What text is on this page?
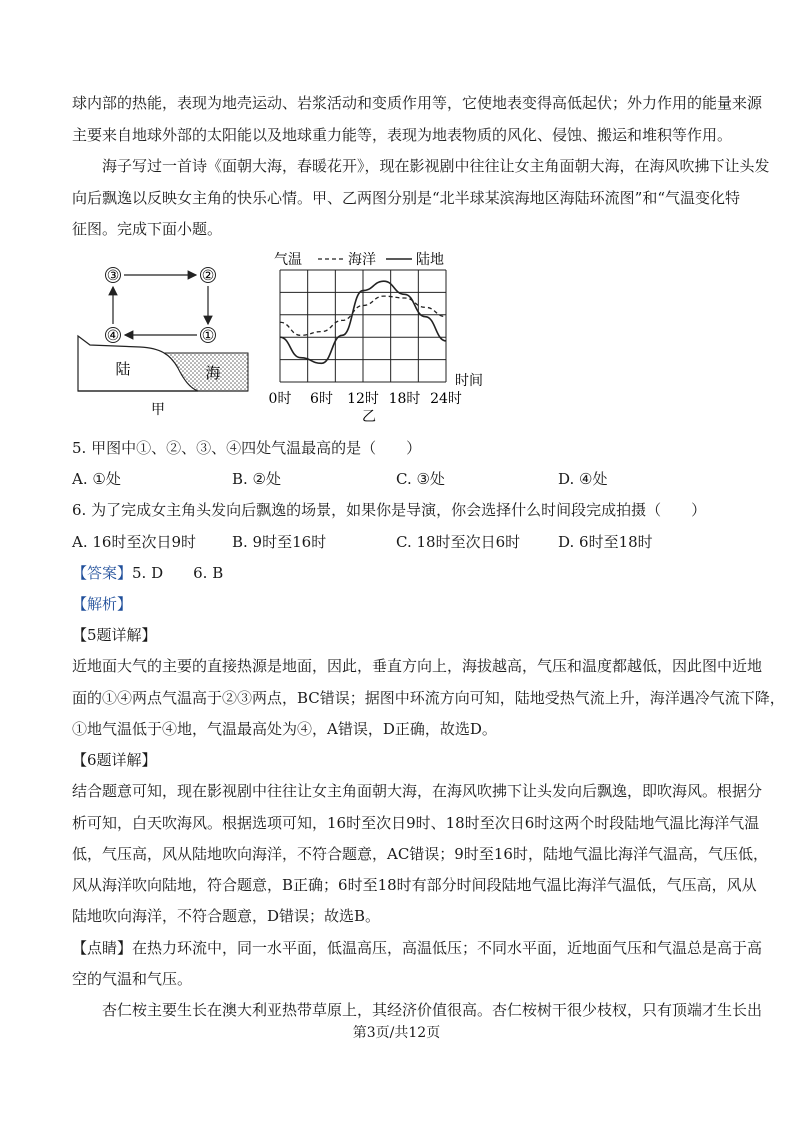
球内部的热能，表现为地壳运动、岩浆活动和变质作用等，它使地表变得高低起伏；外力作用的能量来源
主要来自地球外部的太阳能以及地球重力能等，表现为地表物质的风化、侵蚀、搬运和堆积等作用。
海子写过一首诗《面朝大海，春暖花开》，现在影视剧中往往让女主角面朝大海，在海风吹拂下让头发
向后飘逸以反映女主角的快乐心情。甲、乙两图分别是“北半球某滨海地区海陆环流图”和“气温变化特
征图。完成下面小题。
③	②
④	①
陆	海
甲
气温	海洋	陆地
时间
0时 6时 12时 18时 24时
乙
5. 甲图中①、②、③、④四处气温最高的是（　　）
A. ①处	B. ②处	C. ③处	D. ④处
6. 为了完成女主角头发向后飘逸的场景，如果你是导演，你会选择什么时间段完成拍摄（　　）
A. 16时至次日9时 B. 9时至16时	C. 18时至次日6时	D. 6时至18时
【答案】5. D　　6. B
【解析】
【5题详解】
近地面大气的主要的直接热源是地面，因此，垂直方向上，海拔越高，气压和温度都越低，因此图中近地
面的①④两点气温高于②③两点，BC错误；据图中环流方向可知，陆地受热气流上升，海洋遇冷气流下降，
①地气温低于④地，气温最高处为④，A错误，D正确，故选D。
【6题详解】
结合题意可知，现在影视剧中往往让女主角面朝大海，在海风吹拂下让头发向后飘逸，即吹海风。根据分
析可知，白天吹海风。根据选项可知，16时至次日9时、18时至次日6时这两个时段陆地气温比海洋气温
低，气压高，风从陆地吹向海洋，不符合题意，AC错误；9时至16时，陆地气温比海洋气温高，气压低，
风从海洋吹向陆地，符合题意，B正确；6时至18时有部分时间段陆地气温比海洋气温低，气压高，风从
陆地吹向海洋，不符合题意，D错误；故选B。
【点睛】在热力环流中，同一水平面，低温高压，高温低压；不同水平面，近地面气压和气温总是高于高
空的气温和气压。
杏仁桉主要生长在澳大利亚热带草原上，其经济价值很高。杏仁桉树干很少枝杈，只有顶端才生长出
第3页/共12页
